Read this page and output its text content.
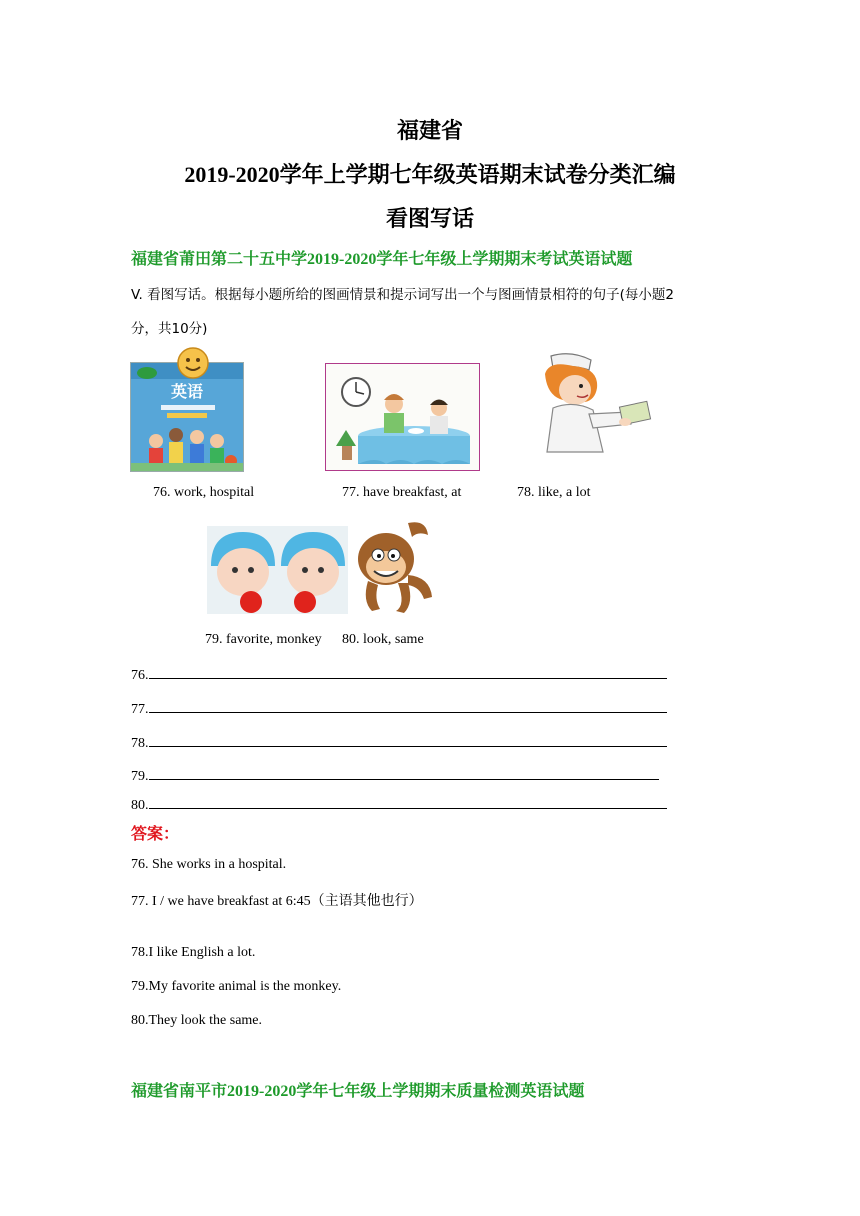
福建省
2019-2020学年上学期七年级英语期末试卷分类汇编
看图写话
福建省莆田第二十五中学2019-2020学年七年级上学期期末考试英语试题
V. 看图写话。根据每小题所给的图画情景和提示词写出一个与图画情景相符的句子(每小题2
分，共10分)
英语
76. work, hospital	77. have breakfast, at	78. like, a lot
79. favorite, monkey 80. look, same
76.
77.
78.
79.
80.
答案：
76. She works in a hospital.
77. I / we have breakfast at 6:45（主语其他也行）
78.I like English a lot.
79.My favorite animal is the monkey.
80.They look the same.
福建省南平市2019-2020学年七年级上学期期末质量检测英语试题
